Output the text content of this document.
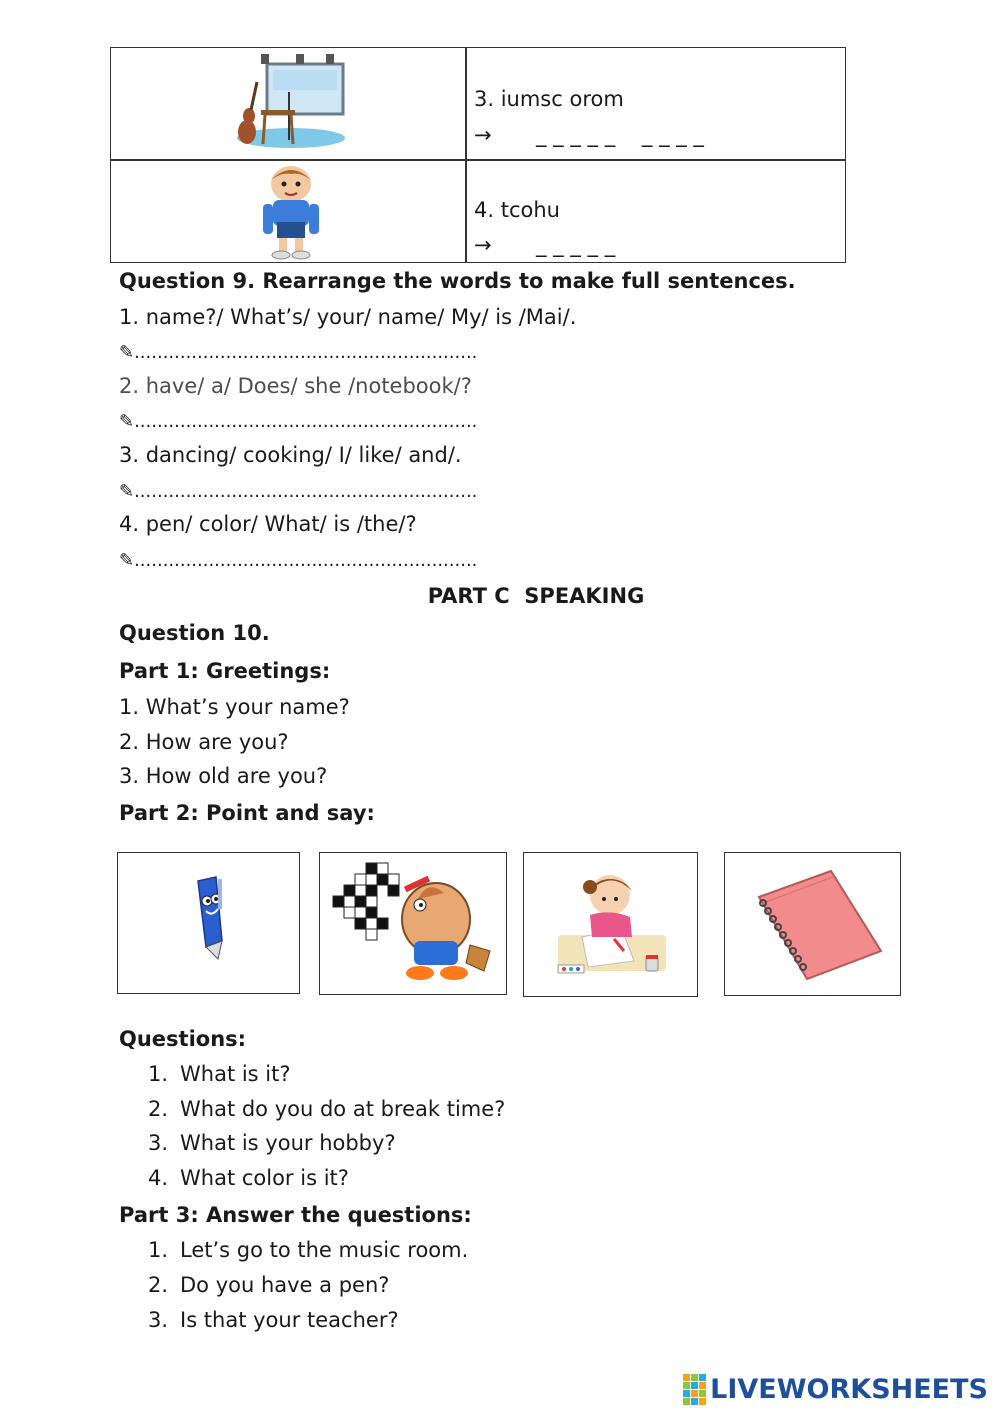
3. iumsc orom
→ _ _ _ _ _    _ _ _ _
4. tcohu
→ _ _ _ _ _
Question 9. Rearrange the words to make full sentences.
1. name?/ What’s/ your/ name/ My/ is /Mai/.
✎............................................................
2. have/ a/ Does/ she /notebook/?
✎............................................................
3. dancing/ cooking/ I/ like/ and/.
✎............................................................
4. pen/ color/ What/ is /the/?
✎............................................................
PART C  SPEAKING
Question 10.
Part 1: Greetings:
1. What’s your name?
2. How are you?
3. How old are you?
Part 2: Point and say:
Questions:
1. What is it?
2. What do you do at break time?
3. What is your hobby?
4. What color is it?
Part 3: Answer the questions:
1. Let’s go to the music room.
2. Do you have a pen?
3. Is that your teacher?
LIVEWORKSHEETS
